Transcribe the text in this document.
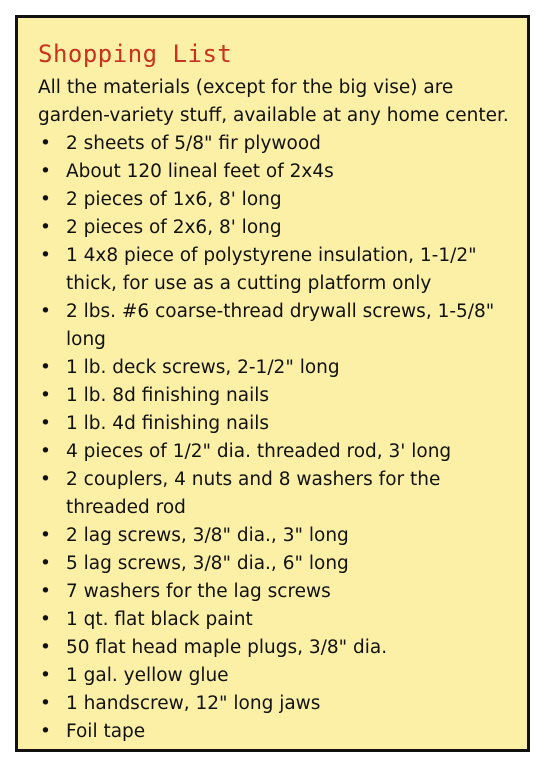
Shopping List

All the materials (except for the big vise) are garden-variety stuff, available at any home center.

• 2 sheets of 5/8" fir plywood
• About 120 lineal feet of 2x4s
• 2 pieces of 1x6, 8' long
• 2 pieces of 2x6, 8' long
• 1 4x8 piece of polystyrene insulation, 1-1/2" thick, for use as a cutting platform only
• 2 lbs. #6 coarse-thread drywall screws, 1-5/8" long
• 1 lb. deck screws, 2-1/2" long
• 1 lb. 8d finishing nails
• 1 lb. 4d finishing nails
• 4 pieces of 1/2" dia. threaded rod, 3' long
• 2 couplers, 4 nuts and 8 washers for the threaded rod
• 2 lag screws, 3/8" dia., 3" long
• 5 lag screws, 3/8" dia., 6" long
• 7 washers for the lag screws
• 1 qt. flat black paint
• 50 flat head maple plugs, 3/8" dia.
• 1 gal. yellow glue
• 1 handscrew, 12" long jaws
• Foil tape
